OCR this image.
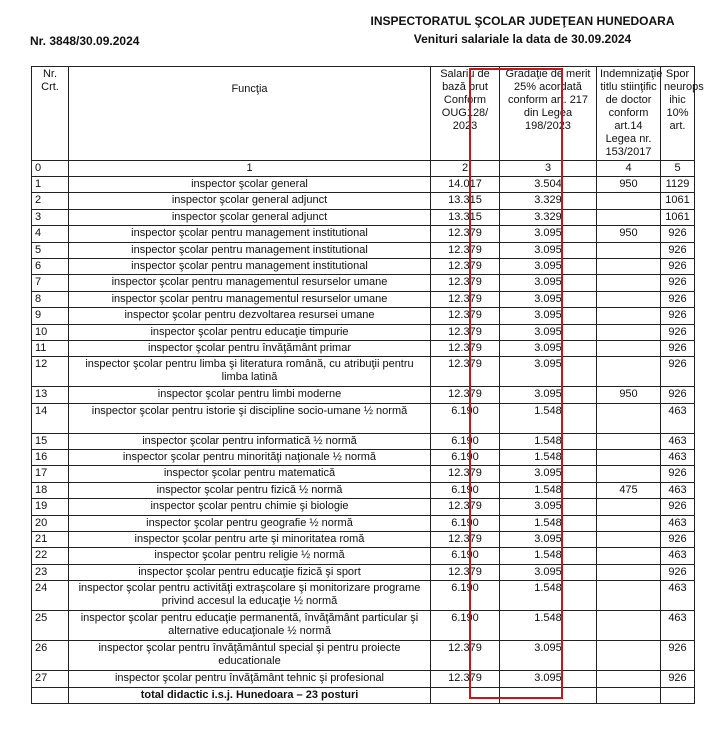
Nr. 3848/30.09.2024
INSPECTORATUL ŞCOLAR JUDEŢEAN HUNEDOARA
Venituri salariale la data de 30.09.2024
Nr. Crt.	Funcţia	Salariu de bază brut Conform OUG128/ 2023	Gradaţie de merit 25% acordată conform art. 217 din Legea 198/2023	Indemnizaţie titlu stiinţific de doctor conform art.14 Legea nr. 153/2017	Spor neurops ihic 10% art.
0	1	2	3	4	5
1	inspector şcolar general	14.017	3.504	950	1129
2	inspector şcolar general adjunct	13.315	3.329		1061
3	inspector şcolar general adjunct	13.315	3.329		1061
4	inspector şcolar pentru management institutional	12.379	3.095	950	926
5	inspector şcolar pentru management institutional	12.379	3.095		926
6	inspector şcolar pentru management institutional	12.379	3.095		926
7	inspector şcolar pentru managementul resurselor umane	12.379	3.095		926
8	inspector şcolar pentru managementul resurselor umane	12.379	3.095		926
9	inspector şcolar pentru dezvoltarea resursei umane	12.379	3.095		926
10	inspector şcolar pentru educaţie timpurie	12.379	3.095		926
11	inspector şcolar pentru învăţământ primar	12.379	3.095		926
12	inspector şcolar pentru limba şi literatura română, cu atribuţii pentru limba latină	12.379	3.095		926
13	inspector şcolar pentru limbi moderne	12.379	3.095	950	926
14	inspector şcolar pentru istorie şi discipline socio-umane ½ normă	6.190	1.548		463
15	inspector şcolar pentru informatică ½ normă	6.190	1.548		463
16	inspector şcolar pentru minorităţi naţionale ½ normă	6.190	1.548		463
17	inspector şcolar pentru matematică	12.379	3.095		926
18	inspector şcolar pentru fizică ½ normă	6.190	1.548	475	463
19	inspector şcolar pentru chimie şi biologie	12.379	3.095		926
20	inspector şcolar pentru geografie ½ normă	6.190	1.548		463
21	inspector şcolar pentru arte şi minoritatea romă	12.379	3.095		926
22	inspector şcolar pentru religie ½ normă	6.190	1.548		463
23	inspector şcolar pentru educaţie fizică şi sport	12.379	3.095		926
24	inspector şcolar pentru activităţi extraşcolare şi monitorizare programe privind accesul la educaţie ½ normă	6.190	1.548		463
25	inspector şcolar pentru educaţie permanentă, învăţământ particular şi alternative educaţionale ½ normă	6.190	1.548		463
26	inspector şcolar pentru învăţământul special şi pentru proiecte educationale	12.379	3.095		926
27	inspector şcolar pentru învăţământ tehnic şi profesional	12.379	3.095		926
	total didactic i.s.j. Hunedoara – 23 posturi				
